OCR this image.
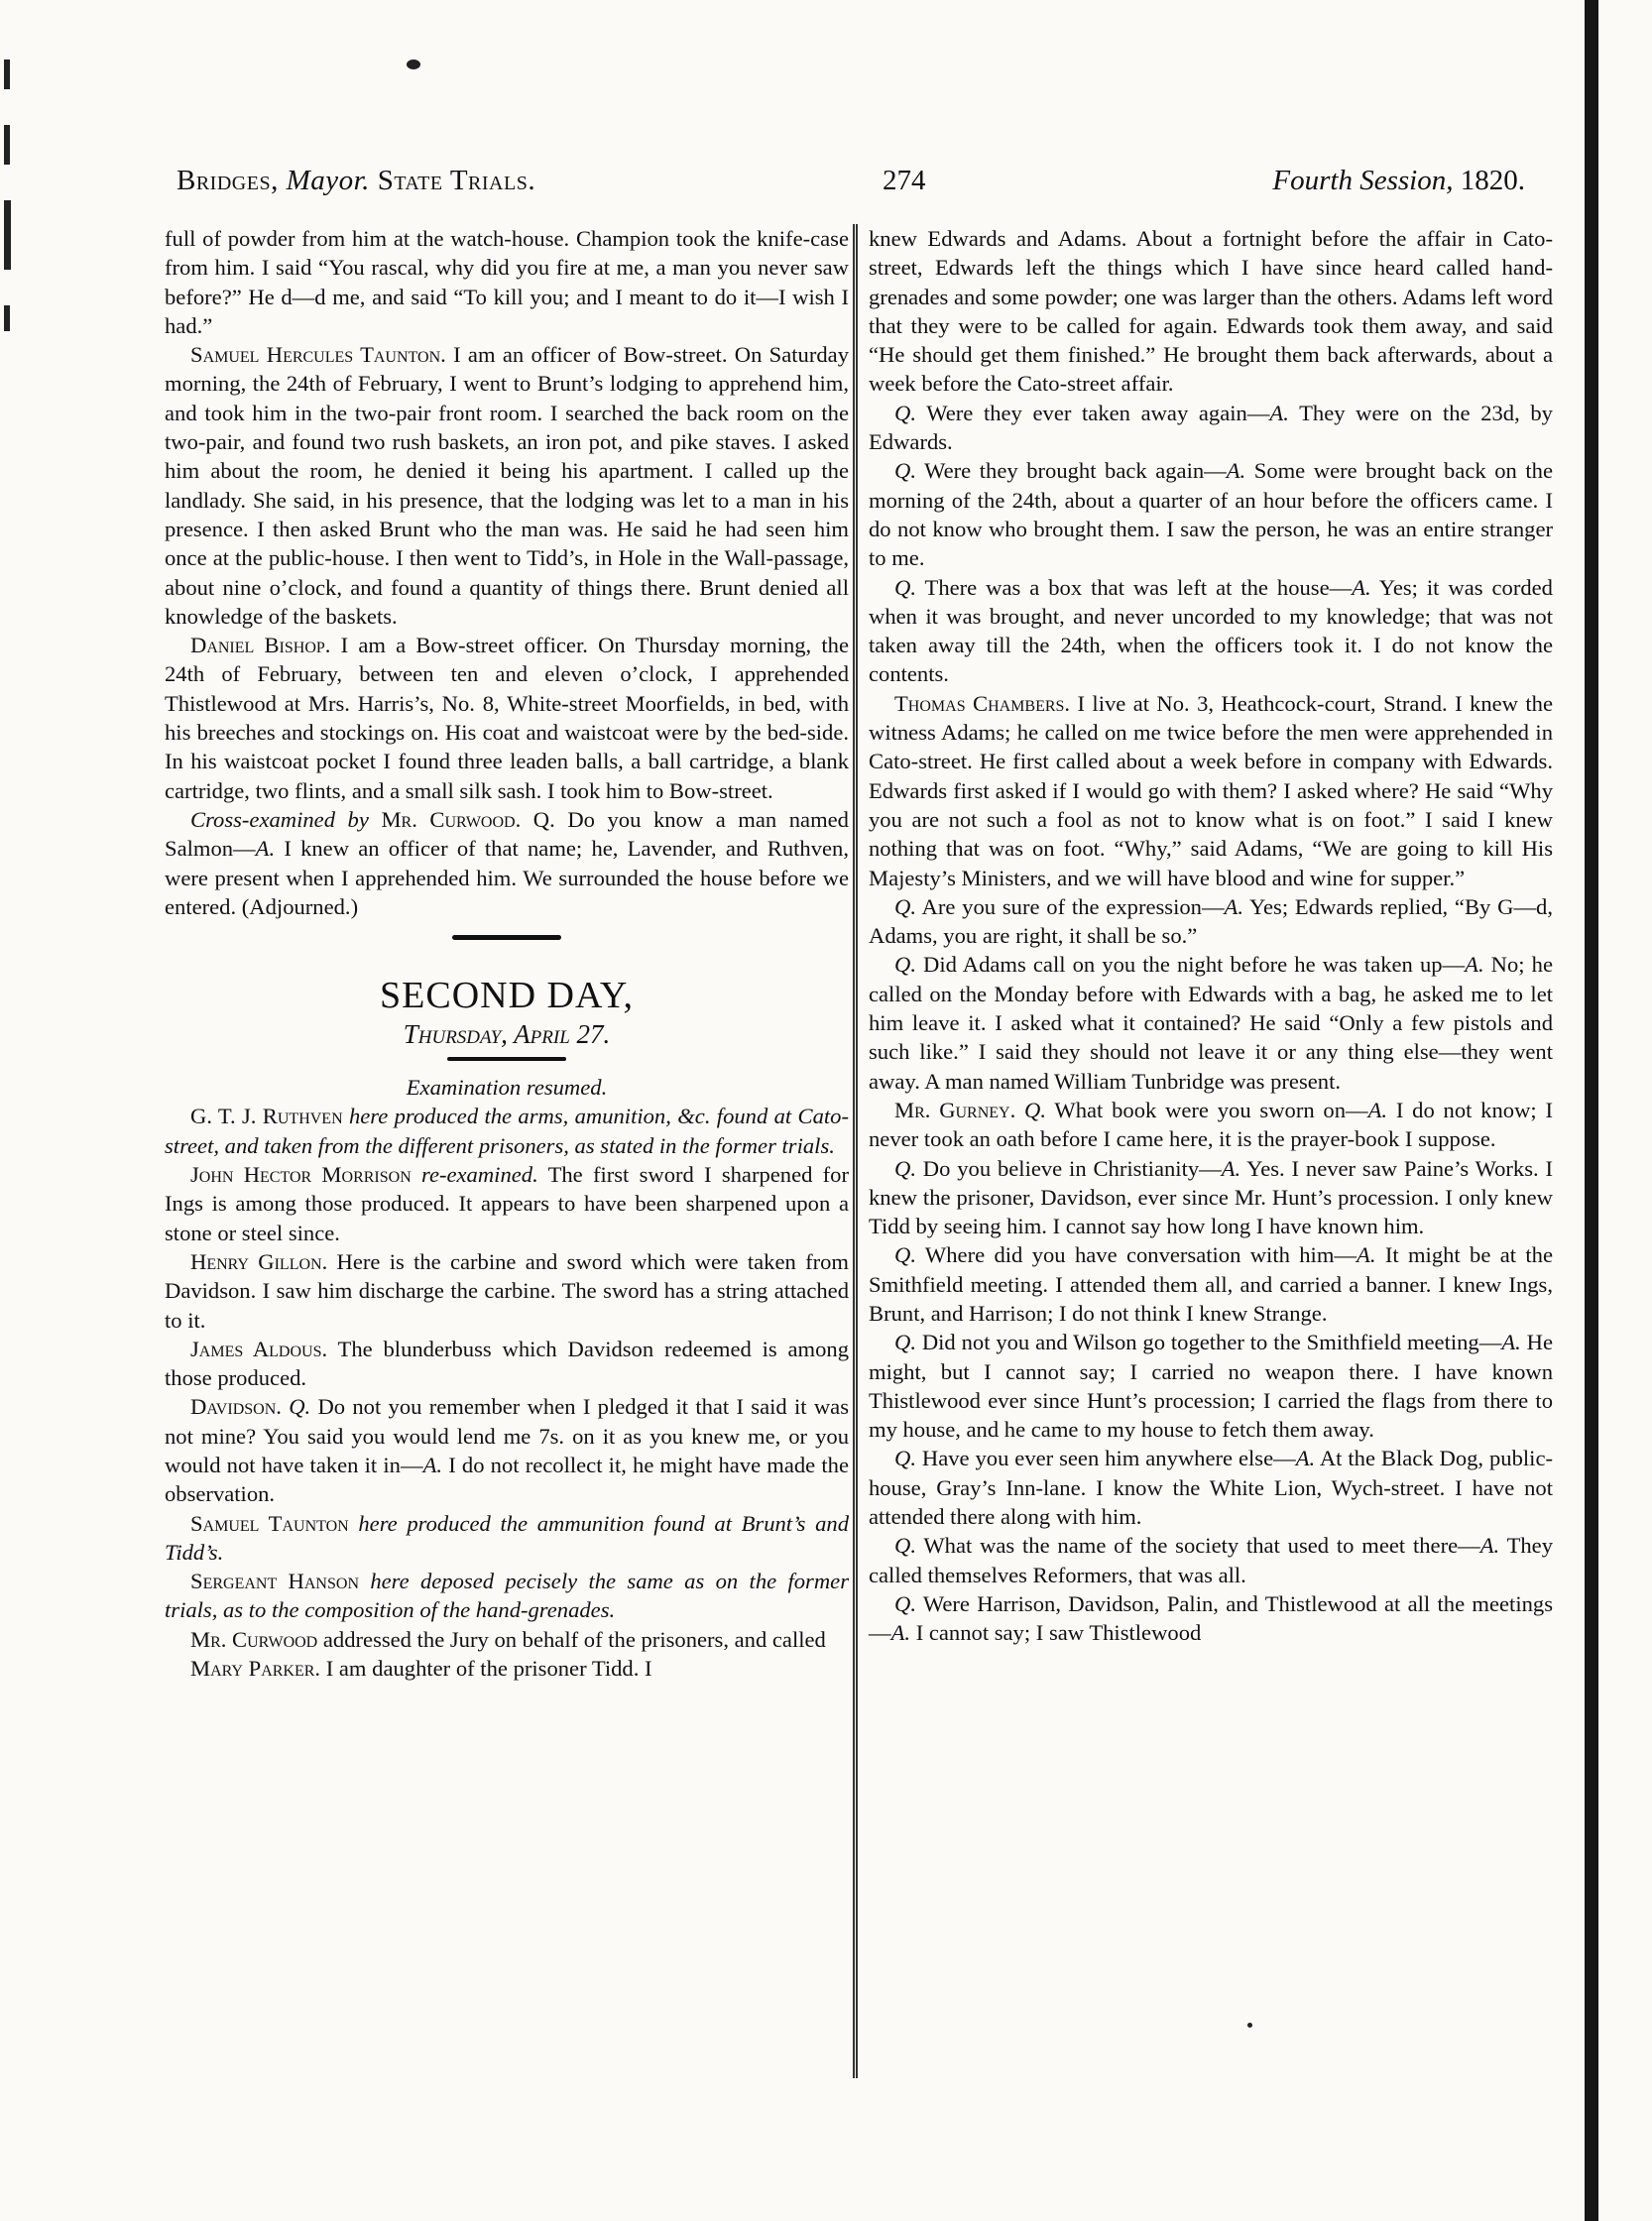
Bridges, Mayor. State Trials.	274	Fourth Session, 1820.

full of powder from him at the watch-house. Champion took the knife-case from him. I said “You rascal, why did you fire at me, a man you never saw before?” He d—d me, and said “To kill you; and I meant to do it—I wish I had.”

Samuel Hercules Taunton. I am an officer of Bow-street. On Saturday morning, the 24th of February, I went to Brunt’s lodging to apprehend him, and took him in the two-pair front room. I searched the back room on the two-pair, and found two rush baskets, an iron pot, and pike staves. I asked him about the room, he denied it being his apartment. I called up the landlady. She said, in his presence, that the lodging was let to a man in his presence. I then asked Brunt who the man was. He said he had seen him once at the public-house. I then went to Tidd’s, in Hole in the Wall-passage, about nine o’clock, and found a quantity of things there. Brunt denied all knowledge of the baskets.

Daniel Bishop. I am a Bow-street officer. On Thursday morning, the 24th of February, between ten and eleven o’clock, I apprehended Thistlewood at Mrs. Harris’s, No. 8, White-street Moorfields, in bed, with his breeches and stockings on. His coat and waistcoat were by the bed-side. In his waistcoat pocket I found three leaden balls, a ball cartridge, a blank cartridge, two flints, and a small silk sash. I took him to Bow-street.

Cross-examined by Mr. Curwood. Q. Do you know a man named Salmon—A. I knew an officer of that name; he, Lavender, and Ruthven, were present when I apprehended him. We surrounded the house before we entered. (Adjourned.)

SECOND DAY,

Thursday, April 27.

Examination resumed.

G. T. J. Ruthven here produced the arms, amunition, &c. found at Cato-street, and taken from the different prisoners, as stated in the former trials.

John Hector Morrison re-examined. The first sword I sharpened for Ings is among those produced. It appears to have been sharpened upon a stone or steel since.

Henry Gillon. Here is the carbine and sword which were taken from Davidson. I saw him discharge the carbine. The sword has a string attached to it.

James Aldous. The blunderbuss which Davidson redeemed is among those produced.

Davidson. Q. Do not you remember when I pledged it that I said it was not mine? You said you would lend me 7s. on it as you knew me, or you would not have taken it in—A. I do not recollect it, he might have made the observation.

Samuel Taunton here produced the ammunition found at Brunt’s and Tidd’s.

Sergeant Hanson here deposed pecisely the same as on the former trials, as to the composition of the hand-grenades.

Mr. Curwood addressed the Jury on behalf of the prisoners, and called

Mary Parker. I am daughter of the prisoner Tidd. I

knew Edwards and Adams. About a fortnight before the affair in Cato-street, Edwards left the things which I have since heard called hand-grenades and some powder; one was larger than the others. Adams left word that they were to be called for again. Edwards took them away, and said “He should get them finished.” He brought them back afterwards, about a week before the Cato-street affair.

Q. Were they ever taken away again—A. They were on the 23d, by Edwards.

Q. Were they brought back again—A. Some were brought back on the morning of the 24th, about a quarter of an hour before the officers came. I do not know who brought them. I saw the person, he was an entire stranger to me.

Q. There was a box that was left at the house—A. Yes; it was corded when it was brought, and never uncorded to my knowledge; that was not taken away till the 24th, when the officers took it. I do not know the contents.

Thomas Chambers. I live at No. 3, Heathcock-court, Strand. I knew the witness Adams; he called on me twice before the men were apprehended in Cato-street. He first called about a week before in company with Edwards. Edwards first asked if I would go with them? I asked where? He said “Why you are not such a fool as not to know what is on foot.” I said I knew nothing that was on foot. “Why,” said Adams, “We are going to kill His Majesty’s Ministers, and we will have blood and wine for supper.”

Q. Are you sure of the expression—A. Yes; Edwards replied, “By G—d, Adams, you are right, it shall be so.”

Q. Did Adams call on you the night before he was taken up—A. No; he called on the Monday before with Edwards with a bag, he asked me to let him leave it. I asked what it contained? He said “Only a few pistols and such like.” I said they should not leave it or any thing else—they went away. A man named William Tunbridge was present.

Mr. Gurney. Q. What book were you sworn on—A. I do not know; I never took an oath before I came here, it is the prayer-book I suppose.

Q. Do you believe in Christianity—A. Yes. I never saw Paine’s Works. I knew the prisoner, Davidson, ever since Mr. Hunt’s procession. I only knew Tidd by seeing him. I cannot say how long I have known him.

Q. Where did you have conversation with him—A. It might be at the Smithfield meeting. I attended them all, and carried a banner. I knew Ings, Brunt, and Harrison; I do not think I knew Strange.

Q. Did not you and Wilson go together to the Smithfield meeting—A. He might, but I cannot say; I carried no weapon there. I have known Thistlewood ever since Hunt’s procession; I carried the flags from there to my house, and he came to my house to fetch them away.

Q. Have you ever seen him anywhere else—A. At the Black Dog, public-house, Gray’s Inn-lane. I know the White Lion, Wych-street. I have not attended there along with him.

Q. What was the name of the society that used to meet there—A. They called themselves Reformers, that was all.

Q. Were Harrison, Davidson, Palin, and Thistlewood at all the meetings—A. I cannot say; I saw Thistlewood
